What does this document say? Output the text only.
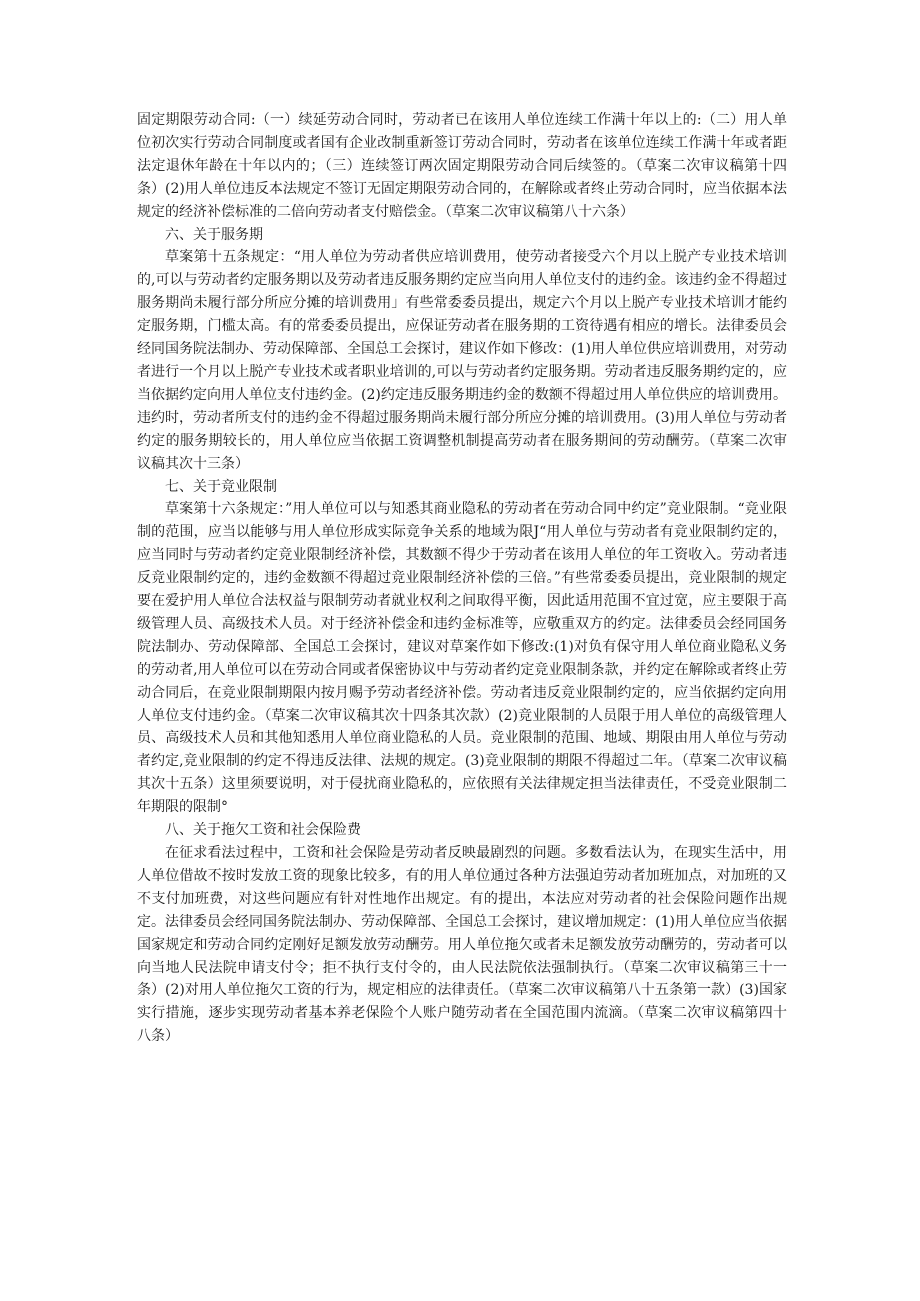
固定期限劳动合同:（一）续延劳动合同时，劳动者已在该用人单位连续工作满十年以上的:（二）用人单位初次实行劳动合同制度或者国有企业改制重新签订劳动合同时，劳动者在该单位连续工作满十年或者距法定退休年龄在十年以内的；（三）连续签订两次固定期限劳动合同后续签的。（草案二次审议稿第十四条）(2)用人单位违反本法规定不签订无固定期限劳动合同的，在解除或者终止劳动合同时，应当依据本法规定的经济补偿标准的二倍向劳动者支付赔偿金。（草案二次审议稿第八十六条）

六、关于服务期

草案第十五条规定：“用人单位为劳动者供应培训费用，使劳动者接受六个月以上脱产专业技术培训的,可以与劳动者约定服务期以及劳动者违反服务期约定应当向用人单位支付的违约金。该违约金不得超过服务期尚未履行部分所应分摊的培训费用」有些常委委员提出，规定六个月以上脱产专业技术培训才能约定服务期，门槛太高。有的常委委员提出，应保证劳动者在服务期的工资待遇有相应的增长。法律委员会经同国务院法制办、劳动保障部、全国总工会探讨，建议作如下修改：(1)用人单位供应培训费用，对劳动者进行一个月以上脱产专业技术或者职业培训的,可以与劳动者约定服务期。劳动者违反服务期约定的，应当依据约定向用人单位支付违约金。(2)约定违反服务期违约金的数额不得超过用人单位供应的培训费用。违约时，劳动者所支付的违约金不得超过服务期尚未履行部分所应分摊的培训费用。(3)用人单位与劳动者约定的服务期较长的，用人单位应当依据工资调整机制提高劳动者在服务期间的劳动酬劳。（草案二次审议稿其次十三条）

七、关于竞业限制

草案第十六条规定：”用人单位可以与知悉其商业隐私的劳动者在劳动合同中约定”竞业限制。“竞业限制的范围，应当以能够与用人单位形成实际竞争关系的地域为限J“用人单位与劳动者有竞业限制约定的，应当同时与劳动者约定竞业限制经济补偿，其数额不得少于劳动者在该用人单位的年工资收入。劳动者违反竞业限制约定的，违约金数额不得超过竞业限制经济补偿的三倍。”有些常委委员提出，竞业限制的规定要在爱护用人单位合法权益与限制劳动者就业权利之间取得平衡，因此适用范围不宜过宽，应主要限于高级管理人员、高级技术人员。对于经济补偿金和违约金标准等，应敬重双方的约定。法律委员会经同国务院法制办、劳动保障部、全国总工会探讨，建议对草案作如下修改:(1)对负有保守用人单位商业隐私义务的劳动者,用人单位可以在劳动合同或者保密协议中与劳动者约定竞业限制条款，并约定在解除或者终止劳动合同后，在竞业限制期限内按月赐予劳动者经济补偿。劳动者违反竞业限制约定的，应当依据约定向用人单位支付违约金。（草案二次审议稿其次十四条其次款）(2)竞业限制的人员限于用人单位的高级管理人员、高级技术人员和其他知悉用人单位商业隐私的人员。竞业限制的范围、地域、期限由用人单位与劳动者约定,竞业限制的约定不得违反法律、法规的规定。(3)竞业限制的期限不得超过二年。（草案二次审议稿其次十五条）这里须要说明，对于侵扰商业隐私的，应依照有关法律规定担当法律责任，不受竞业限制二年期限的限制°

八、关于拖欠工资和社会保险费

在征求看法过程中，工资和社会保险是劳动者反映最剧烈的问题。多数看法认为，在现实生活中，用人单位借故不按时发放工资的现象比较多，有的用人单位通过各种方法强迫劳动者加班加点，对加班的又不支付加班费，对这些问题应有针对性地作出规定。有的提出，本法应对劳动者的社会保险问题作出规定。法律委员会经同国务院法制办、劳动保障部、全国总工会探讨，建议增加规定：(1)用人单位应当依据国家规定和劳动合同约定刚好足额发放劳动酬劳。用人单位拖欠或者未足额发放劳动酬劳的，劳动者可以向当地人民法院申请支付令；拒不执行支付令的，由人民法院依法强制执行。（草案二次审议稿第三十一条）(2)对用人单位拖欠工资的行为，规定相应的法律责任。（草案二次审议稿第八十五条第一款）(3)国家实行措施，逐步实现劳动者基本养老保险个人账户随劳动者在全国范围内流滴。（草案二次审议稿第四十八条）
